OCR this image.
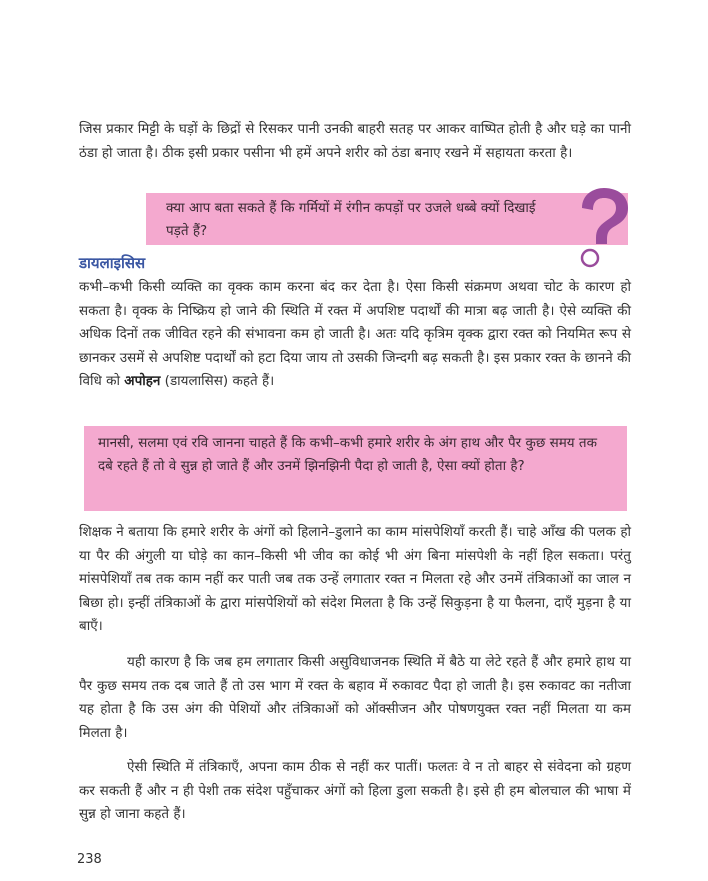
जिस प्रकार मिट्टी के घड़ों के छिद्रों से रिसकर पानी उनकी बाहरी सतह पर आकर वाष्पित होती है और घड़े का पानी ठंडा हो जाता है। ठीक इसी प्रकार पसीना भी हमें अपने शरीर को ठंडा बनाए रखने में सहायता करता है।

क्या आप बता सकते हैं कि गर्मियों में रंगीन कपड़ों पर उजले धब्बे क्यों दिखाई पड़ते हैं?
डायलाइसिस

कभी–कभी किसी व्यक्ति का वृक्क काम करना बंद कर देता है। ऐसा किसी संक्रमण अथवा चोट के कारण हो सकता है। वृक्क के निष्क्रिय हो जाने की स्थिति में रक्त में अपशिष्ट पदार्थों की मात्रा बढ़ जाती है। ऐसे व्यक्ति की अधिक दिनों तक जीवित रहने की संभावना कम हो जाती है। अतः यदि कृत्रिम वृक्क द्वारा रक्त को नियमित रूप से छानकर उसमें से अपशिष्ट पदार्थों को हटा दिया जाय तो उसकी जिन्दगी बढ़ सकती है। इस प्रकार रक्त के छानने की विधि को अपोहन (डायलासिस) कहते हैं।

मानसी, सलमा एवं रवि जानना चाहते हैं कि कभी–कभी हमारे शरीर के अंग हाथ और पैर कुछ समय तक दबे रहते हैं तो वे सुन्न हो जाते हैं और उनमें झिनझिनी पैदा हो जाती है, ऐसा क्यों होता है?

शिक्षक ने बताया कि हमारे शरीर के अंगों को हिलाने–डुलाने का काम मांसपेशियाँ करती हैं। चाहे आँख की पलक हो या पैर की अंगुली या घोड़े का कान–किसी भी जीव का कोई भी अंग बिना मांसपेशी के नहीं हिल सकता। परंतु मांसपेशियाँ तब तक काम नहीं कर पाती जब तक उन्हें लगातार रक्त न मिलता रहे और उनमें तंत्रिकाओं का जाल न बिछा हो। इन्हीं तंत्रिकाओं के द्वारा मांसपेशियों को संदेश मिलता है कि उन्हें सिकुड़ना है या फैलना, दाएँ मुड़ना है या बाएँ।

यही कारण है कि जब हम लगातार किसी असुविधाजनक स्थिति में बैठे या लेटे रहते हैं और हमारे हाथ या पैर कुछ समय तक दब जाते हैं तो उस भाग में रक्त के बहाव में रुकावट पैदा हो जाती है। इस रुकावट का नतीजा यह होता है कि उस अंग की पेशियों और तंत्रिकाओं को ऑक्सीजन और पोषणयुक्त रक्त नहीं मिलता या कम मिलता है।

ऐसी स्थिति में तंत्रिकाएँ, अपना काम ठीक से नहीं कर पातीं। फलतः वे न तो बाहर से संवेदना को ग्रहण कर सकती हैं और न ही पेशी तक संदेश पहुँचाकर अंगों को हिला डुला सकती है। इसे ही हम बोलचाल की भाषा में सुन्न हो जाना कहते हैं।

238
